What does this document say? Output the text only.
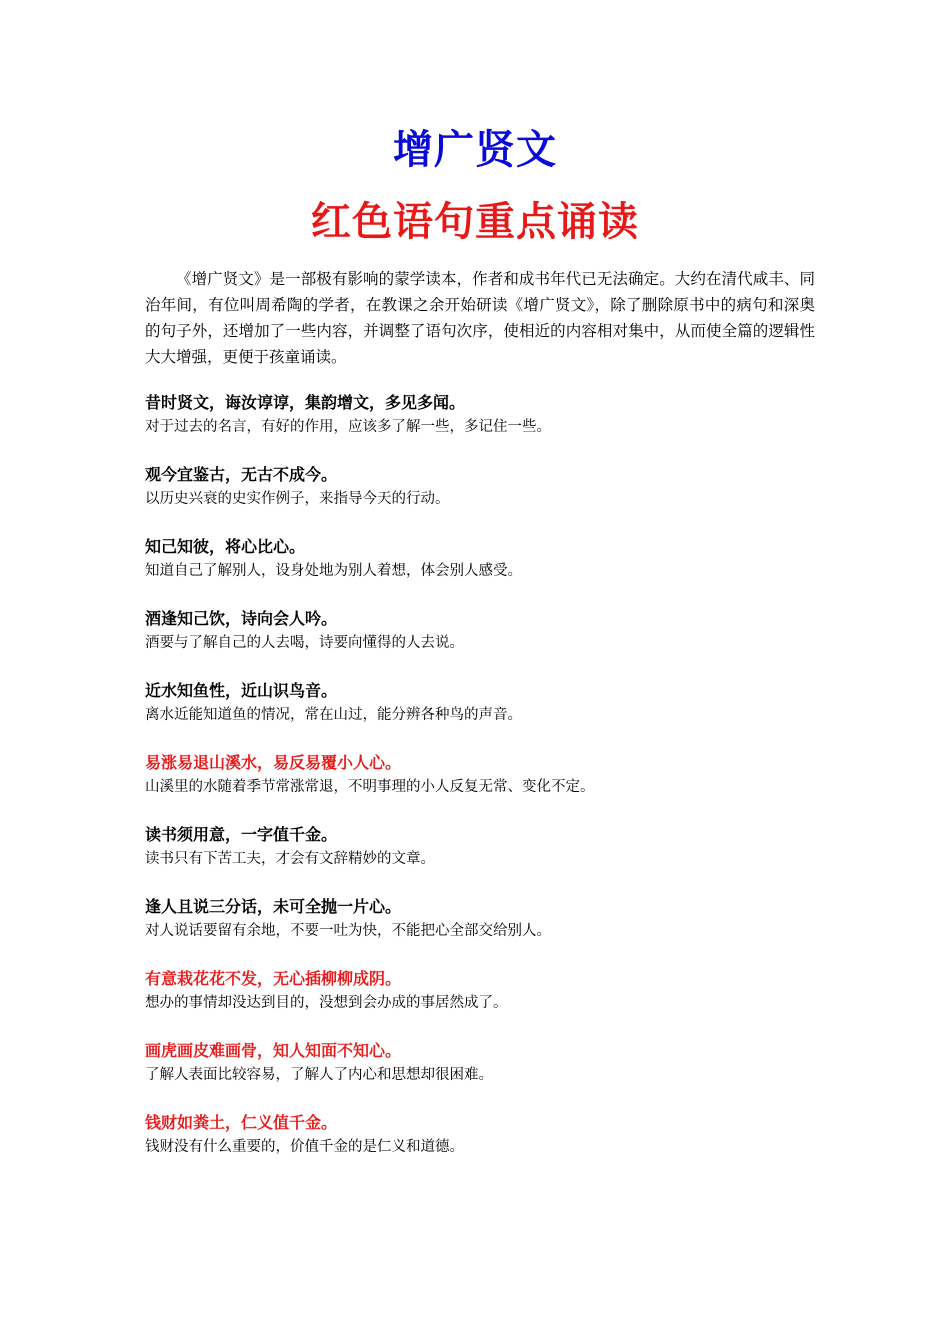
增广贤文
红色语句重点诵读

《增广贤文》是一部极有影响的蒙学读本，作者和成书年代已无法确定。大约在清代咸丰、同治年间，有位叫周希陶的学者，在教课之余开始研读《增广贤文》，除了删除原书中的病句和深奥的句子外，还增加了一些内容，并调整了语句次序，使相近的内容相对集中，从而使全篇的逻辑性大大增强，更便于孩童诵读。

昔时贤文，诲汝谆谆，集韵增文，多见多闻。
对于过去的名言，有好的作用，应该多了解一些，多记住一些。
观今宜鉴古，无古不成今。
以历史兴衰的史实作例子，来指导今天的行动。
知己知彼，将心比心。
知道自己了解别人，设身处地为别人着想，体会别人感受。
酒逢知己饮，诗向会人吟。
酒要与了解自己的人去喝，诗要向懂得的人去说。
近水知鱼性，近山识鸟音。
离水近能知道鱼的情况，常在山过，能分辨各种鸟的声音。
易涨易退山溪水，易反易覆小人心。
山溪里的水随着季节常涨常退，不明事理的小人反复无常、变化不定。
读书须用意，一字值千金。
读书只有下苦工夫，才会有文辞精妙的文章。
逢人且说三分话，未可全抛一片心。
对人说话要留有余地，不要一吐为快，不能把心全部交给别人。
有意栽花花不发，无心插柳柳成阴。
想办的事情却没达到目的，没想到会办成的事居然成了。
画虎画皮难画骨，知人知面不知心。
了解人表面比较容易，了解人了内心和思想却很困难。
钱财如粪土，仁义值千金。
钱财没有什么重要的，价值千金的是仁义和道德。
